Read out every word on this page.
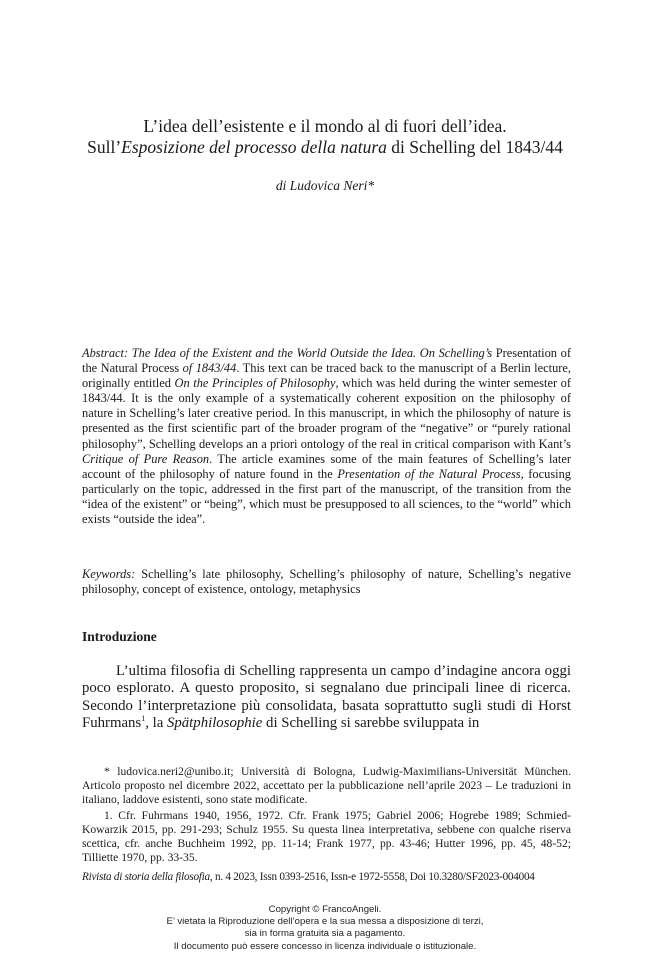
L’idea dell’esistente e il mondo al di fuori dell’idea.
Sull’Esposizione del processo della natura di Schelling del 1843/44
di Ludovica Neri*

Abstract: The Idea of the Existent and the World Outside the Idea. On Schelling’s Presentation of the Natural Process of 1843/44. This text can be traced back to the manuscript of a Berlin lecture, originally entitled On the Principles of Philosophy, which was held during the winter semester of 1843/44. It is the only example of a systematically coherent exposition on the philosophy of nature in Schelling’s later creative period. In this manuscript, in which the philosophy of nature is presented as the first scientific part of the broader program of the “negative” or “purely rational philosophy”, Schelling develops an a priori ontology of the real in critical comparison with Kant’s Critique of Pure Reason. The article examines some of the main features of Schelling’s later account of the philosophy of nature found in the Presentation of the Natural Process, focusing particularly on the topic, addressed in the first part of the manuscript, of the transition from the “idea of the existent” or “being”, which must be presupposed to all sciences, to the “world” which exists “outside the idea”.

Keywords: Schelling’s late philosophy, Schelling’s philosophy of nature, Schelling’s negative philosophy, concept of existence, ontology, metaphysics

Introduzione

L’ultima filosofia di Schelling rappresenta un campo d’indagine ancora oggi poco esplorato. A questo proposito, si segnalano due principali linee di ricerca. Secondo l’interpretazione più consolidata, basata soprattutto sugli studi di Horst Fuhrmans$^1$, la Spätphilosophie di Schelling si sarebbe sviluppata in

* ludovica.neri2@unibo.it; Università di Bologna, Ludwig-Maximilians-Universität München. Articolo proposto nel dicembre 2022, accettato per la pubblicazione nell’aprile 2023 – Le traduzioni in italiano, laddove esistenti, sono state modificate.

1. Cfr. Fuhrmans 1940, 1956, 1972. Cfr. Frank 1975; Gabriel 2006; Hogrebe 1989; Schmied-Kowarzik 2015, pp. 291-293; Schulz 1955. Su questa linea interpretativa, sebbene con qualche riserva scettica, cfr. anche Buchheim 1992, pp. 11-14; Frank 1977, pp. 43-46; Hutter 1996, pp. 45, 48-52; Tilliette 1970, pp. 33-35.

Rivista di storia della filosofia, n. 4 2023, Issn 0393-2516, Issn-e 1972-5558, Doi 10.3280/SF2023-004004
Copyright © FrancoAngeli.
E’ vietata la Riproduzione dell’opera e la sua messa a disposizione di terzi,
sia in forma gratuita sia a pagamento.
Il documento può essere concesso in licenza individuale o istituzionale.
